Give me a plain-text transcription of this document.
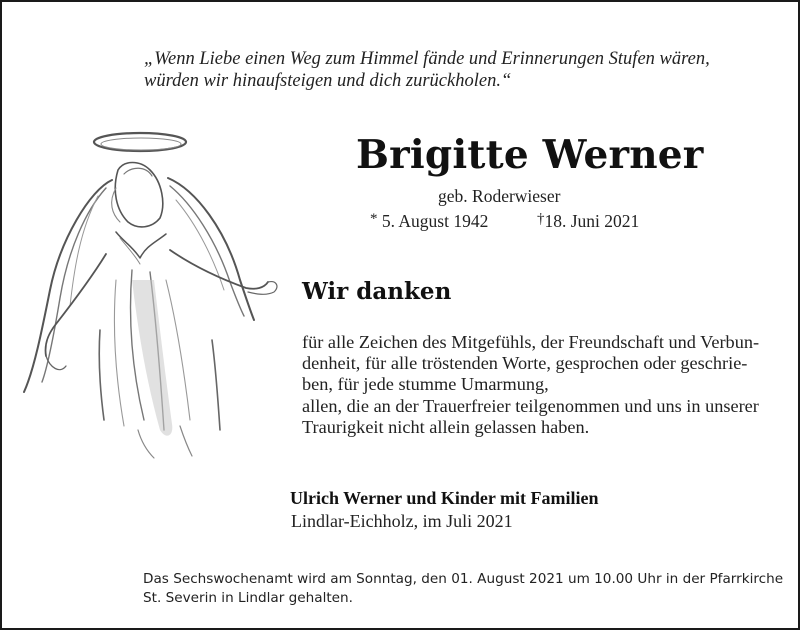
„Wenn Liebe einen Weg zum Himmel fände und Erinnerungen Stufen wären,
würden wir hinaufsteigen und dich zurückholen.“
Brigitte Werner
geb. Roderwieser
* 5. August 1942	†18. Juni 2021
Wir danken
für alle Zeichen des Mitgefühls, der Freundschaft und Verbun-
denheit, für alle tröstenden Worte, gesprochen oder geschrie-
ben, für jede stumme Umarmung,
allen, die an der Trauerfreier teilgenommen und uns in unserer
Traurigkeit nicht allein gelassen haben.
Ulrich Werner und Kinder mit Familien
Lindlar-Eichholz, im Juli 2021
Das Sechswochenamt wird am Sonntag, den 01. August 2021 um 10.00 Uhr in der Pfarrkirche
St. Severin in Lindlar gehalten.
